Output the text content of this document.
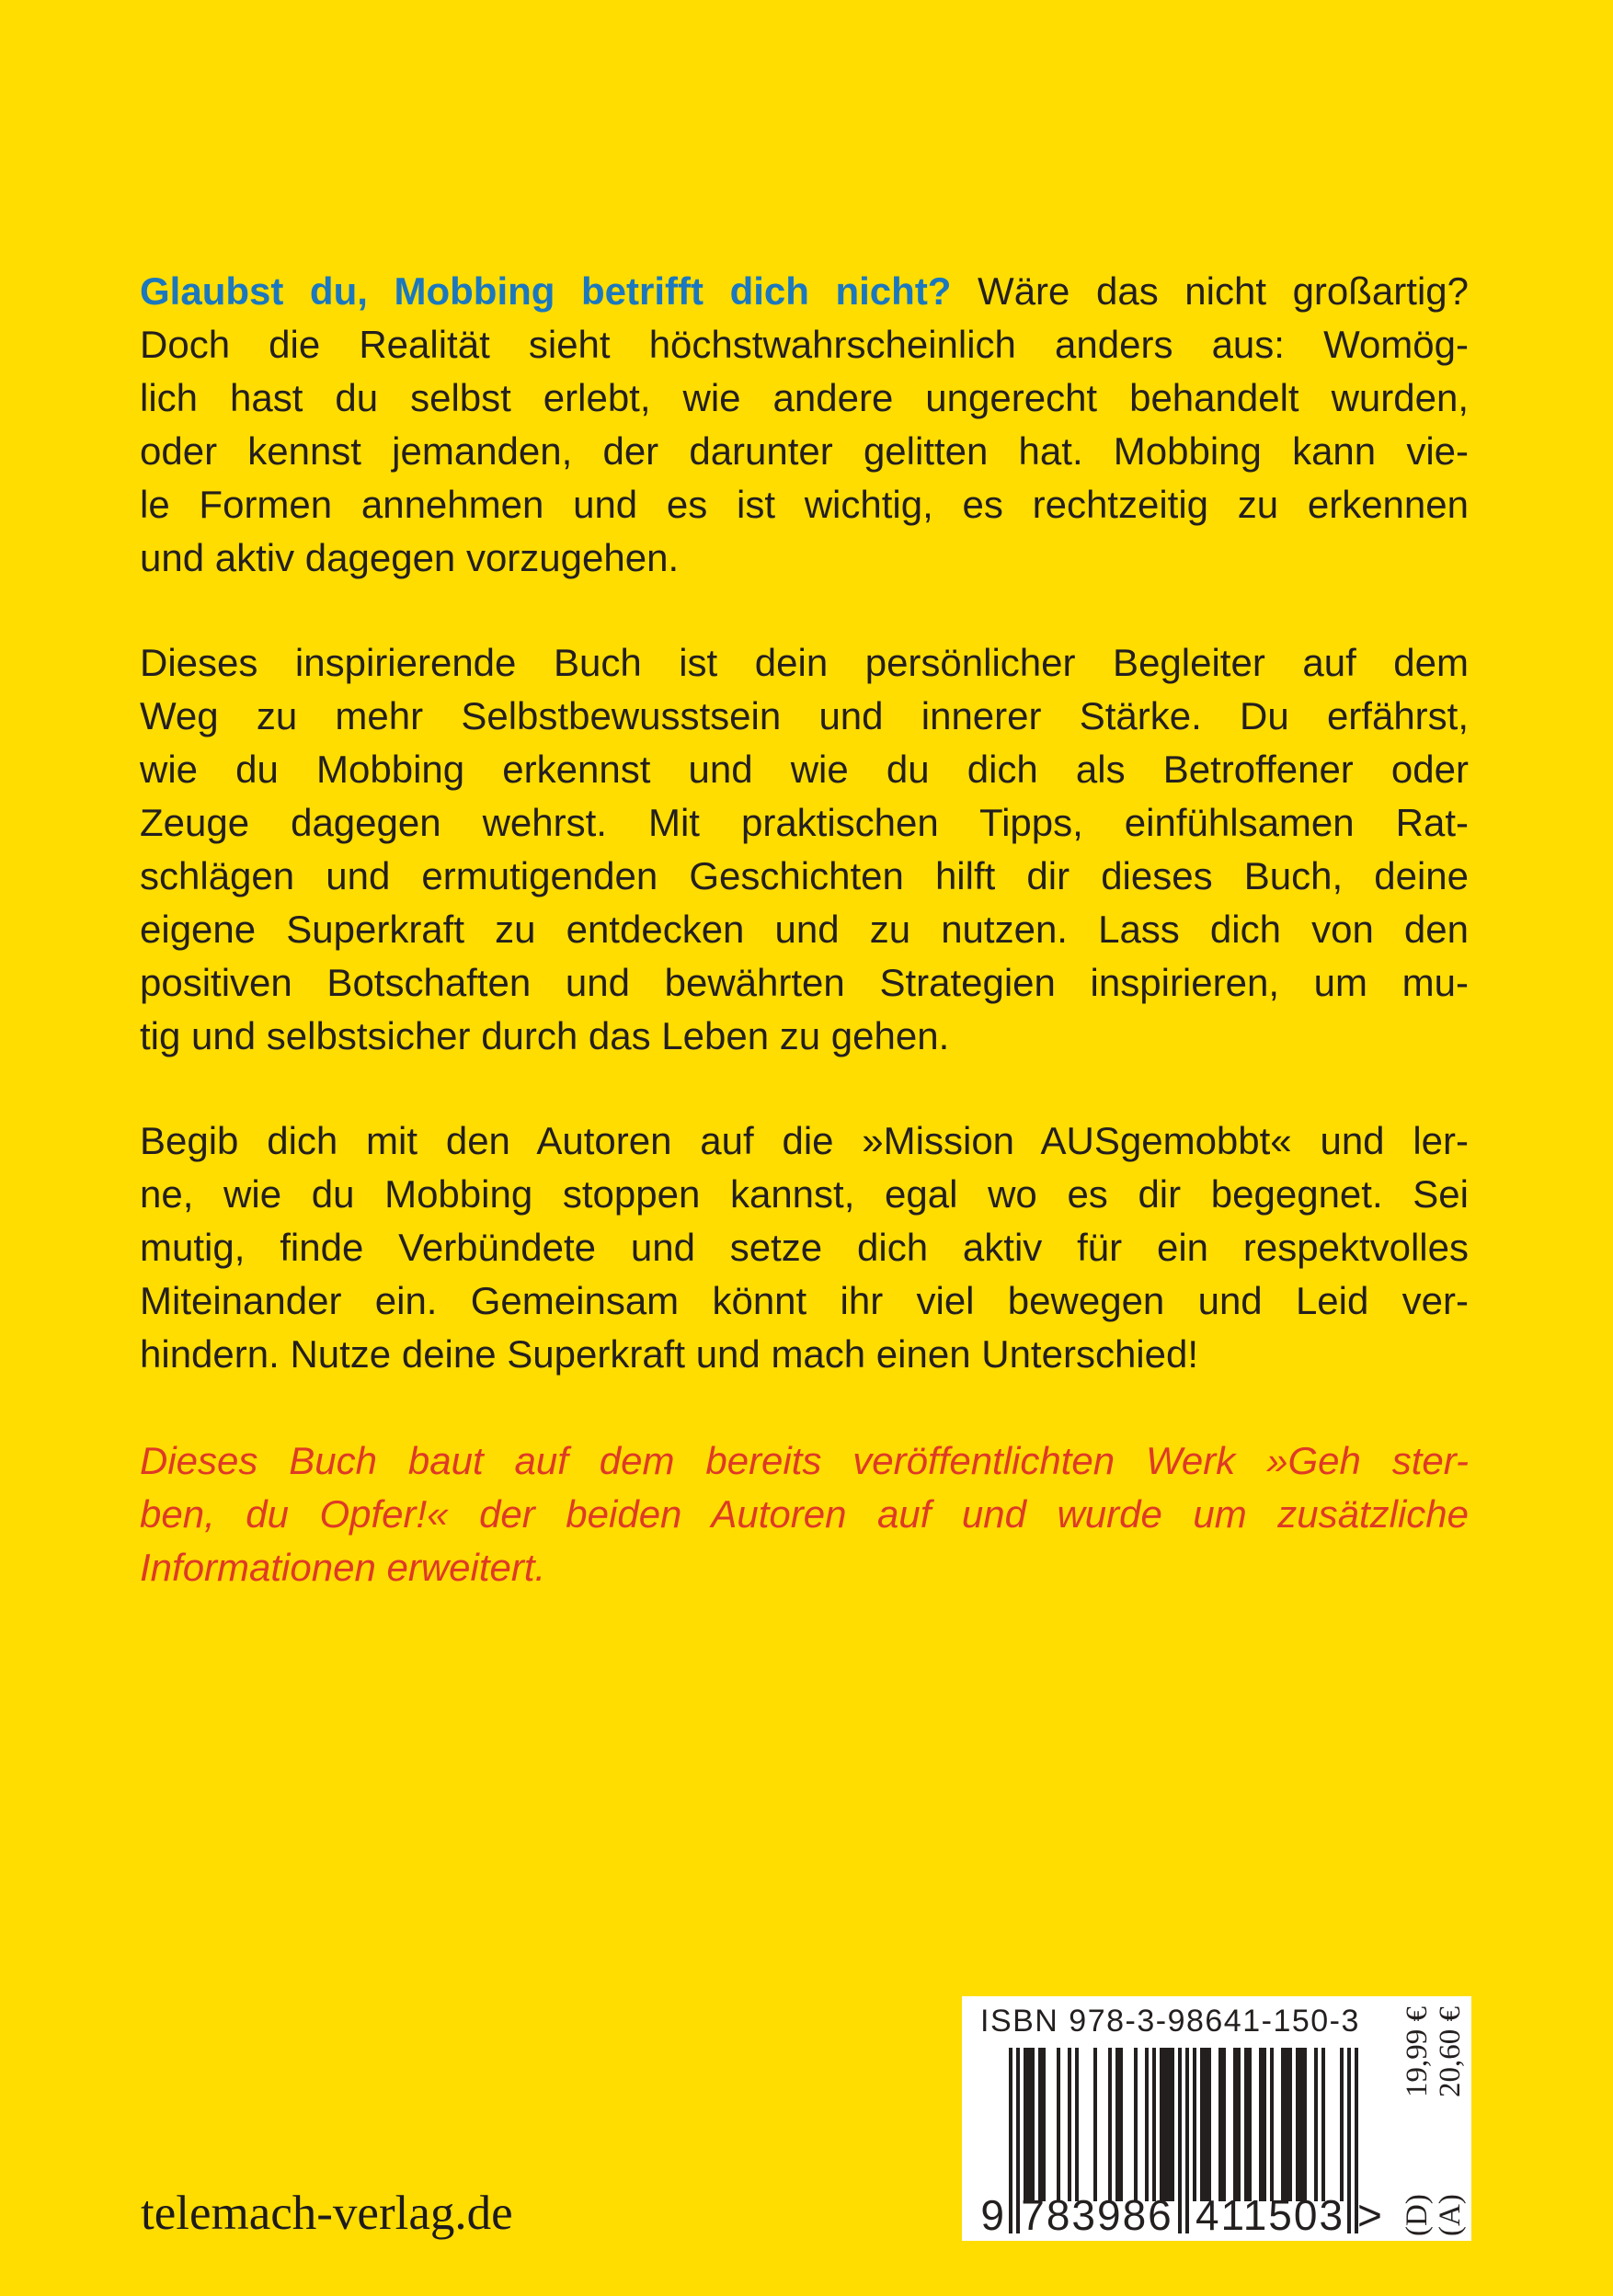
Glaubst du, Mobbing betrifft dich nicht? Wäre das nicht großartig?
Doch die Realität sieht höchstwahrscheinlich anders aus: Womög-
lich hast du selbst erlebt, wie andere ungerecht behandelt wurden,
oder kennst jemanden, der darunter gelitten hat. Mobbing kann vie-
le Formen annehmen und es ist wichtig, es rechtzeitig zu erkennen
und aktiv dagegen vorzugehen.

Dieses inspirierende Buch ist dein persönlicher Begleiter auf dem
Weg zu mehr Selbstbewusstsein und innerer Stärke. Du erfährst,
wie du Mobbing erkennst und wie du dich als Betroffener oder
Zeuge dagegen wehrst. Mit praktischen Tipps, einfühlsamen Rat-
schlägen und ermutigenden Geschichten hilft dir dieses Buch, deine
eigene Superkraft zu entdecken und zu nutzen. Lass dich von den
positiven Botschaften und bewährten Strategien inspirieren, um mu-
tig und selbstsicher durch das Leben zu gehen.

Begib dich mit den Autoren auf die »Mission AUSgemobbt« und ler-
ne, wie du Mobbing stoppen kannst, egal wo es dir begegnet. Sei
mutig, finde Verbündete und setze dich aktiv für ein respektvolles
Miteinander ein. Gemeinsam könnt ihr viel bewegen und Leid ver-
hindern. Nutze deine Superkraft und mach einen Unterschied!

Dieses Buch baut auf dem bereits veröffentlichten Werk »Geh ster-
ben, du Opfer!« der beiden Autoren auf und wurde um zusätzliche
Informationen erweitert.

telemach-verlag.de
ISBN 978-3-98641-150-3
9 783986 411503 > (D)
19,99 €
(A)
20,60 €
